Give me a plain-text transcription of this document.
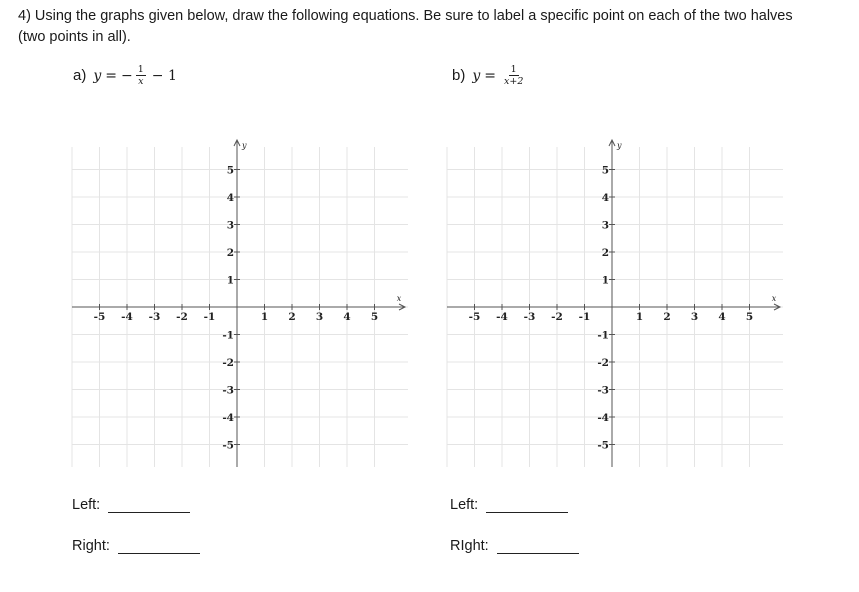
4) Using the graphs given below, draw the following equations. Be sure to label a specific point on each of the two halves (two points in all).
a) y = − $\frac{1}{x} - 1$	b) $y = \frac{1}{x+2}$
-5 -4 -3 -2 -1	1 2 3 4 5
5
4
3
2
1
-1
-2
-3
-4
-5
y
x
-5 -4 -3 -2 -1	1 2 3 4 5
5
4
3
2
1
-1
-2
-3
-4
-5
y
x
Left:
Right:
Left:
RIght:
